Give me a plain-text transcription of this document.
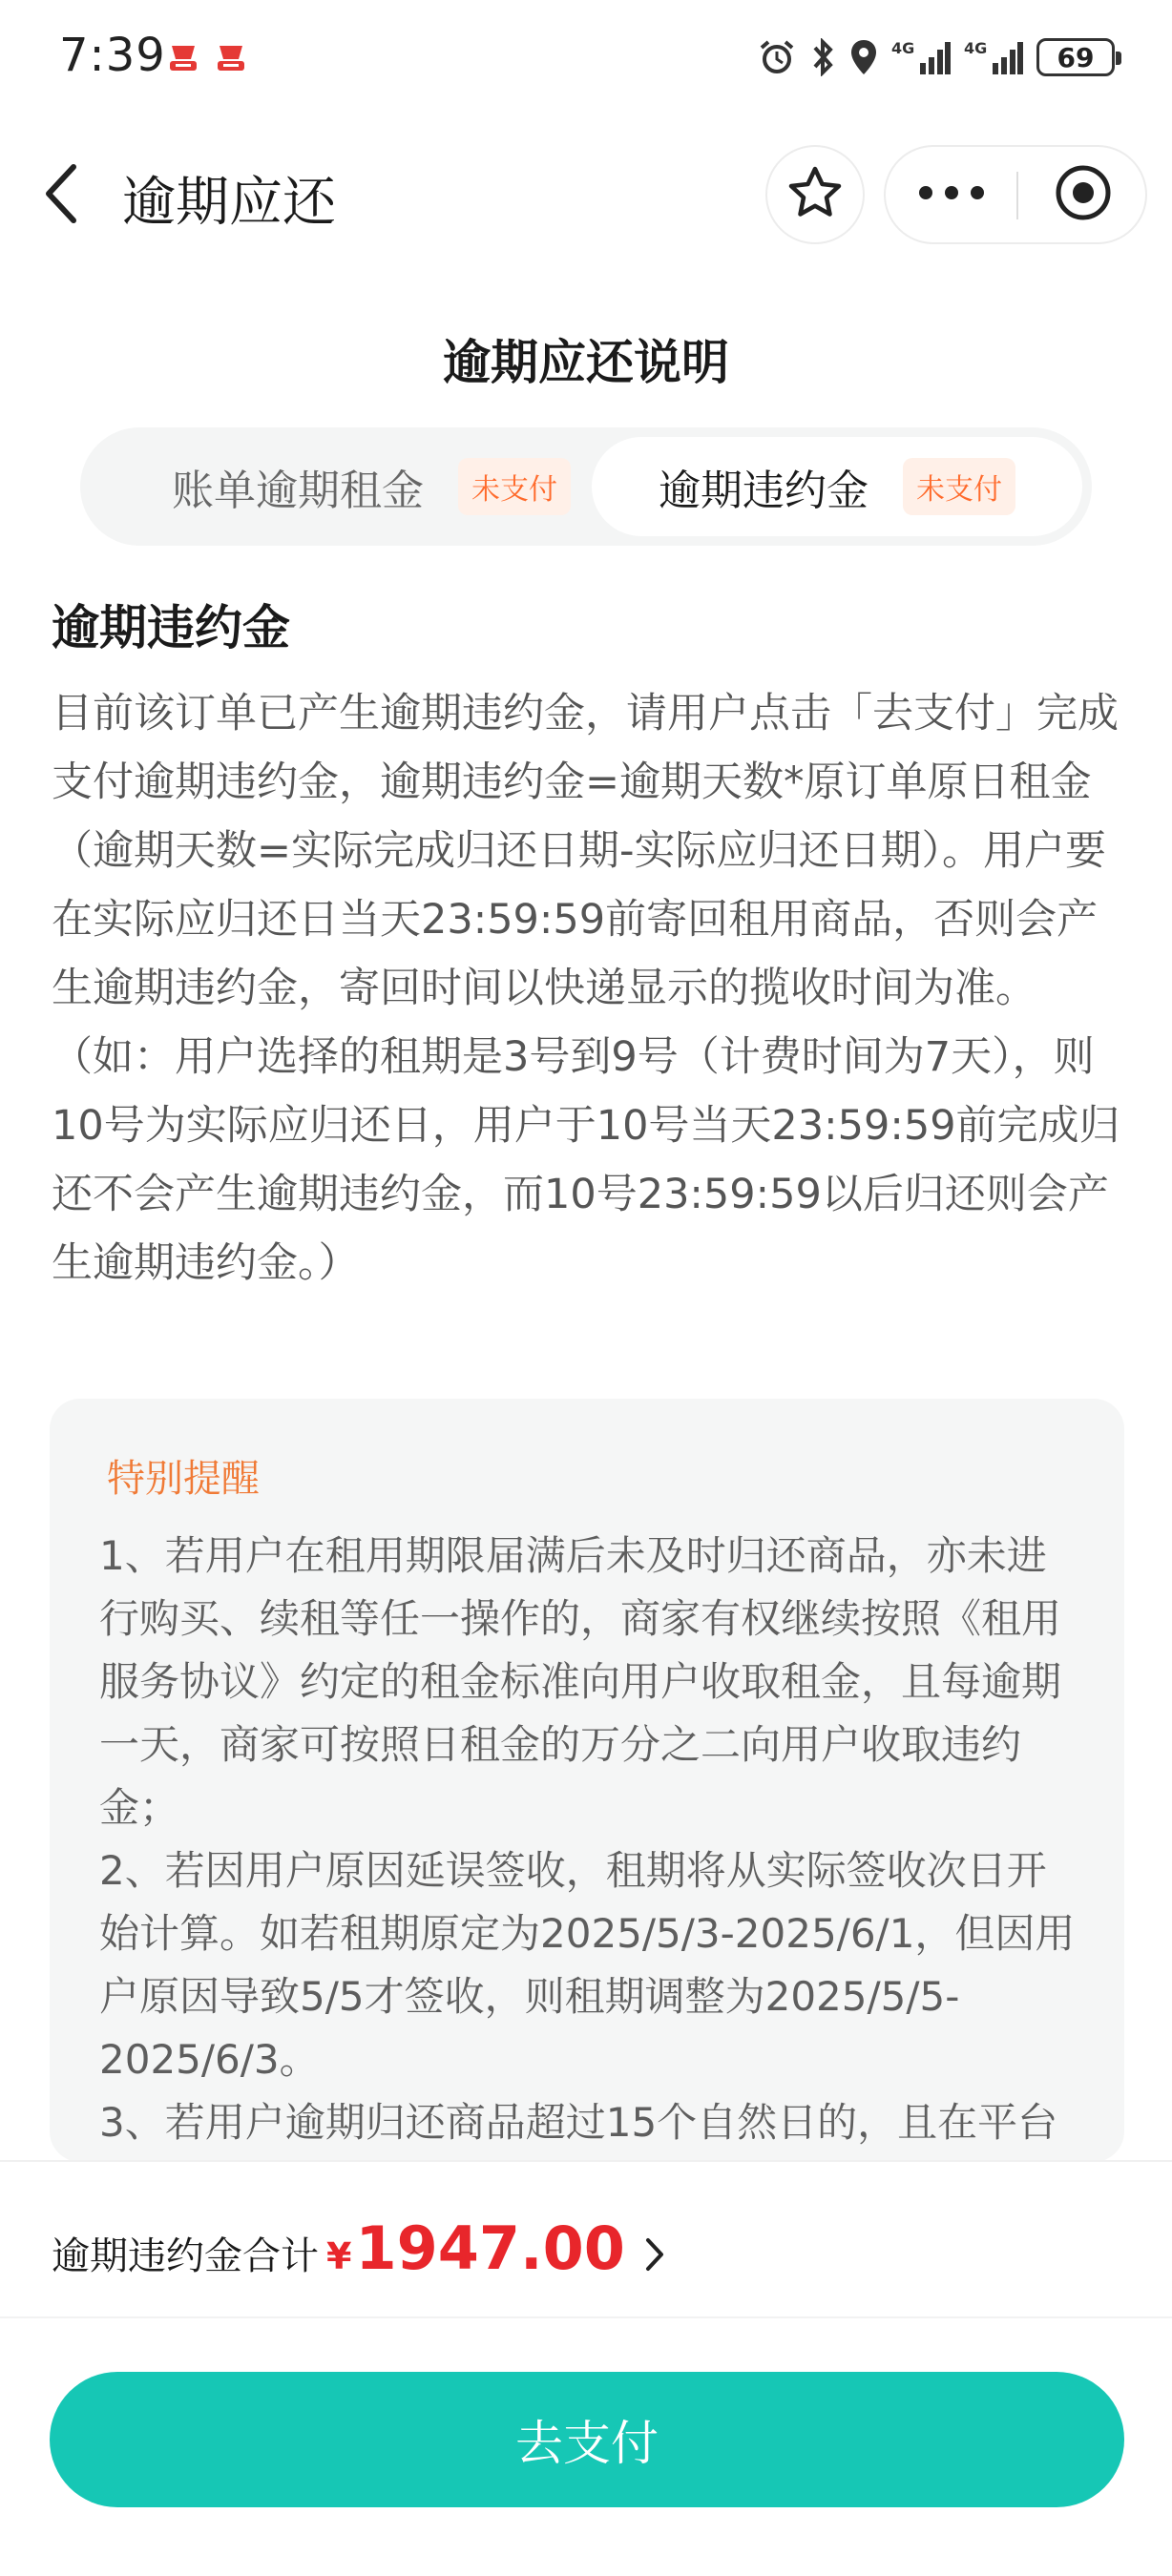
7:39	4G	4G	69
逾期应还
逾期应还说明
账单逾期租金	未支付	逾期违约金	未支付
逾期违约金

目前该订单已产生逾期违约金，请用户点击「去支付」完成支付逾期违约金，逾期违约金=逾期天数*原订单原日租金（逾期天数=实际完成归还日期-实际应归还日期）。用户要在实际应归还日当天23:59:59前寄回租用商品，否则会产生逾期违约金，寄回时间以快递显示的揽收时间为准。

（如：用户选择的租期是3号到9号（计费时间为7天），则10号为实际应归还日，用户于10号当天23:59:59前完成归还不会产生逾期违约金，而10号23:59:59以后归还则会产生逾期违约金。）

特别提醒

1、若用户在租用期限届满后未及时归还商品，亦未进行购买、续租等任一操作的，商家有权继续按照《租用服务协议》约定的租金标准向用户收取租金，且每逾期一天，商家可按照日租金的万分之二向用户收取违约金；

2、若因用户原因延误签收，租期将从实际签收次日开始计算。如若租期原定为2025/5/3-2025/6/1，但因用户原因导致5/5才签收，则租期调整为2025/5/5-2025/6/3。

3、若用户逾期归还商品超过15个自然日的，且在平台

逾期违约金合计 ¥ 1947.00
去支付
